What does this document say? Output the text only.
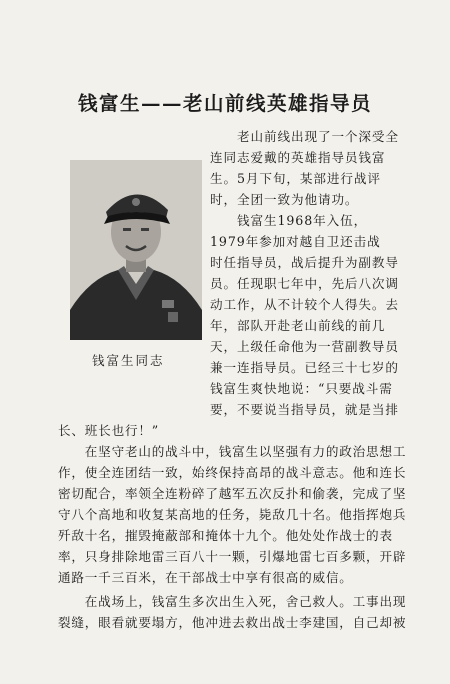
钱富生——老山前线英雄指导员
钱富生同志
　　老山前线出现了一个深受全
连同志爱戴的英雄指导员钱富
生。5月下旬，某部进行战评
时，全团一致为他请功。
　　钱富生1968年入伍，
1979年参加对越自卫还击战
时任指导员，战后提升为副教导
员。任现职七年中，先后八次调
动工作，从不计较个人得失。去
年，部队开赴老山前线的前几
天，上级任命他为一营副教导员
兼一连指导员。已经三十七岁的
钱富生爽快地说：“只要战斗需
要，不要说当指导员，就是当排
长、班长也行！”
　　在坚守老山的战斗中，钱富生以坚强有力的政治思想工
作，使全连团结一致，始终保持高昂的战斗意志。他和连长
密切配合，率领全连粉碎了越军五次反扑和偷袭，完成了坚
守八个高地和收复某高地的任务，毙敌几十名。他指挥炮兵
歼敌十名，摧毁掩蔽部和掩体十九个。他处处作战士的表
率，只身排除地雷三百八十一颗，引爆地雷七百多颗，开辟
通路一千三百米，在干部战士中享有很高的威信。
　　在战场上，钱富生多次出生入死，舍己救人。工事出现
裂缝，眼看就要塌方，他冲进去救出战士李建国，自己却被
